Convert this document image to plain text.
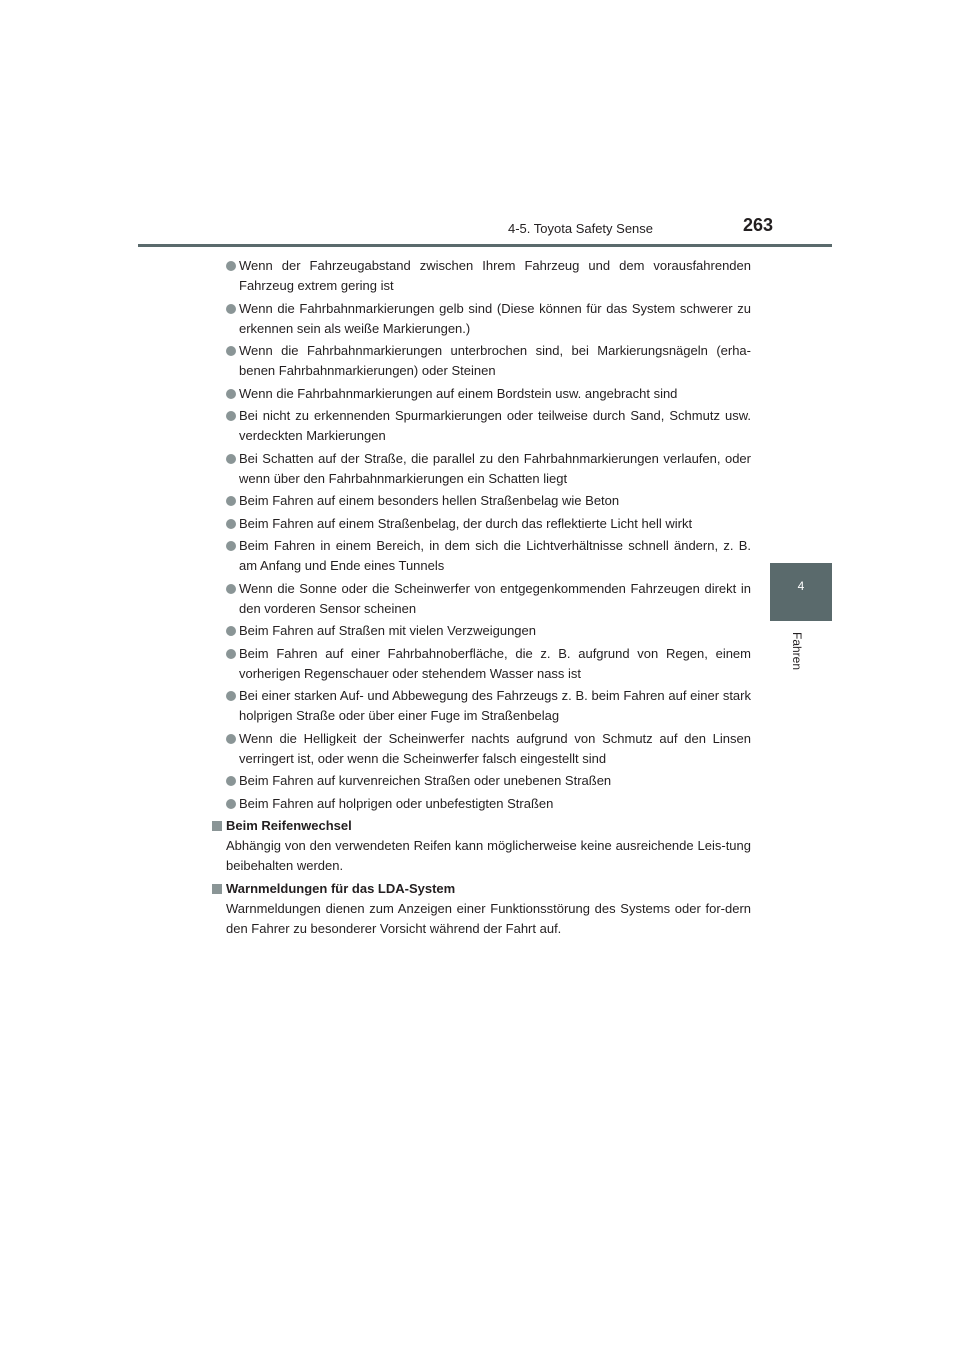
4-5. Toyota Safety Sense	263
4
Fahren
Wenn der Fahrzeugabstand zwischen Ihrem Fahrzeug und dem vorausfahrenden Fahrzeug extrem gering ist
Wenn die Fahrbahnmarkierungen gelb sind (Diese können für das System schwerer zu erkennen sein als weiße Markierungen.)
Wenn die Fahrbahnmarkierungen unterbrochen sind, bei Markierungsnägeln (erha-benen Fahrbahnmarkierungen) oder Steinen
Wenn die Fahrbahnmarkierungen auf einem Bordstein usw. angebracht sind
Bei nicht zu erkennenden Spurmarkierungen oder teilweise durch Sand, Schmutz usw. verdeckten Markierungen
Bei Schatten auf der Straße, die parallel zu den Fahrbahnmarkierungen verlaufen, oder wenn über den Fahrbahnmarkierungen ein Schatten liegt
Beim Fahren auf einem besonders hellen Straßenbelag wie Beton
Beim Fahren auf einem Straßenbelag, der durch das reflektierte Licht hell wirkt
Beim Fahren in einem Bereich, in dem sich die Lichtverhältnisse schnell ändern, z. B. am Anfang und Ende eines Tunnels
Wenn die Sonne oder die Scheinwerfer von entgegenkommenden Fahrzeugen direkt in den vorderen Sensor scheinen
Beim Fahren auf Straßen mit vielen Verzweigungen
Beim Fahren auf einer Fahrbahnoberfläche, die z. B. aufgrund von Regen, einem vorherigen Regenschauer oder stehendem Wasser nass ist
Bei einer starken Auf- und Abbewegung des Fahrzeugs z. B. beim Fahren auf einer stark holprigen Straße oder über einer Fuge im Straßenbelag
Wenn die Helligkeit der Scheinwerfer nachts aufgrund von Schmutz auf den Linsen verringert ist, oder wenn die Scheinwerfer falsch eingestellt sind
Beim Fahren auf kurvenreichen Straßen oder unebenen Straßen
Beim Fahren auf holprigen oder unbefestigten Straßen
Beim Reifenwechsel
Abhängig von den verwendeten Reifen kann möglicherweise keine ausreichende Leis-tung beibehalten werden.
Warnmeldungen für das LDA-System
Warnmeldungen dienen zum Anzeigen einer Funktionsstörung des Systems oder for-dern den Fahrer zu besonderer Vorsicht während der Fahrt auf.
